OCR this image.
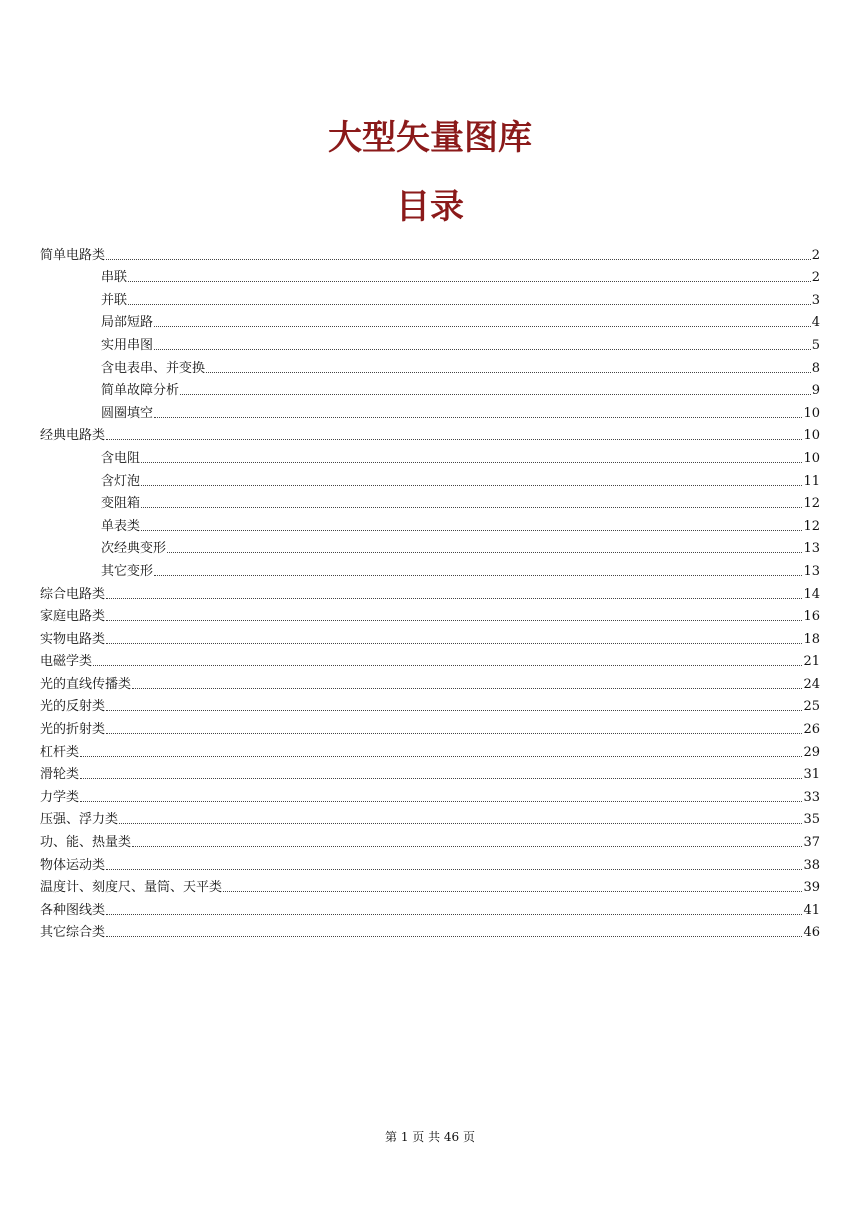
大型矢量图库
目录
简单电路类	2
串联	2
并联	3
局部短路	4
实用串图	5
含电表串、并变换	8
简单故障分析	9
圆圈填空	10
经典电路类	10
含电阻	10
含灯泡	11
变阻箱	12
单表类	12
次经典变形	13
其它变形	13
综合电路类	14
家庭电路类	16
实物电路类	18
电磁学类	21
光的直线传播类	24
光的反射类	25
光的折射类	26
杠杆类	29
滑轮类	31
力学类	33
压强、浮力类	35
功、能、热量类	37
物体运动类	38
温度计、刻度尺、量筒、天平类	39
各种图线类	41
其它综合类	46
第 1 页 共 46 页
